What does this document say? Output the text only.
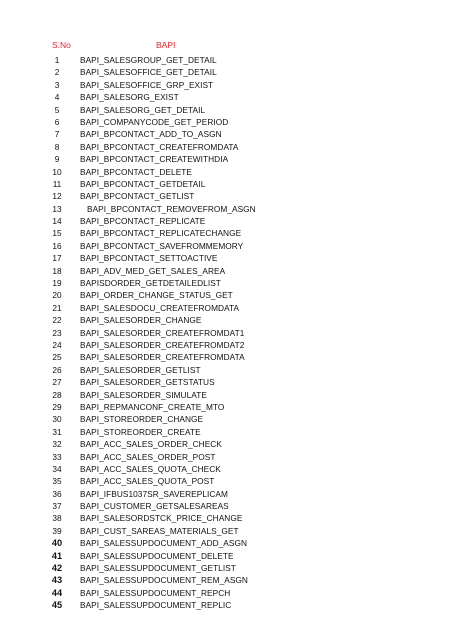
S.No	BAPI
1	BAPI_SALESGROUP_GET_DETAIL
2	BAPI_SALESOFFICE_GET_DETAIL
3	BAPI_SALESOFFICE_GRP_EXIST
4	BAPI_SALESORG_EXIST
5	BAPI_SALESORG_GET_DETAIL
6	BAPI_COMPANYCODE_GET_PERIOD
7	BAPI_BPCONTACT_ADD_TO_ASGN
8	BAPI_BPCONTACT_CREATEFROMDATA
9	BAPI_BPCONTACT_CREATEWITHDIA
10	BAPI_BPCONTACT_DELETE
11	BAPI_BPCONTACT_GETDETAIL
12	BAPI_BPCONTACT_GETLIST
13	BAPI_BPCONTACT_REMOVEFROM_ASGN
14	BAPI_BPCONTACT_REPLICATE
15	BAPI_BPCONTACT_REPLICATECHANGE
16	BAPI_BPCONTACT_SAVEFROMMEMORY
17	BAPI_BPCONTACT_SETTOACTIVE
18	BAPI_ADV_MED_GET_SALES_AREA
19	BAPISDORDER_GETDETAILEDLIST
20	BAPI_ORDER_CHANGE_STATUS_GET
21	BAPI_SALESDOCU_CREATEFROMDATA
22	BAPI_SALESORDER_CHANGE
23	BAPI_SALESORDER_CREATEFROMDAT1
24	BAPI_SALESORDER_CREATEFROMDAT2
25	BAPI_SALESORDER_CREATEFROMDATA
26	BAPI_SALESORDER_GETLIST
27	BAPI_SALESORDER_GETSTATUS
28	BAPI_SALESORDER_SIMULATE
29	BAPI_REPMANCONF_CREATE_MTO
30	BAPI_STOREORDER_CHANGE
31	BAPI_STOREORDER_CREATE
32	BAPI_ACC_SALES_ORDER_CHECK
33	BAPI_ACC_SALES_ORDER_POST
34	BAPI_ACC_SALES_QUOTA_CHECK
35	BAPI_ACC_SALES_QUOTA_POST
36	BAPI_IFBUS1037SR_SAVEREPLICAM
37	BAPI_CUSTOMER_GETSALESAREAS
38	BAPI_SALESORDSTCK_PRICE_CHANGE
39	BAPI_CUST_SAREAS_MATERIALS_GET
40	BAPI_SALESSUPDOCUMENT_ADD_ASGN
41	BAPI_SALESSUPDOCUMENT_DELETE
42	BAPI_SALESSUPDOCUMENT_GETLIST
43	BAPI_SALESSUPDOCUMENT_REM_ASGN
44	BAPI_SALESSUPDOCUMENT_REPCH
45	BAPI_SALESSUPDOCUMENT_REPLIC
